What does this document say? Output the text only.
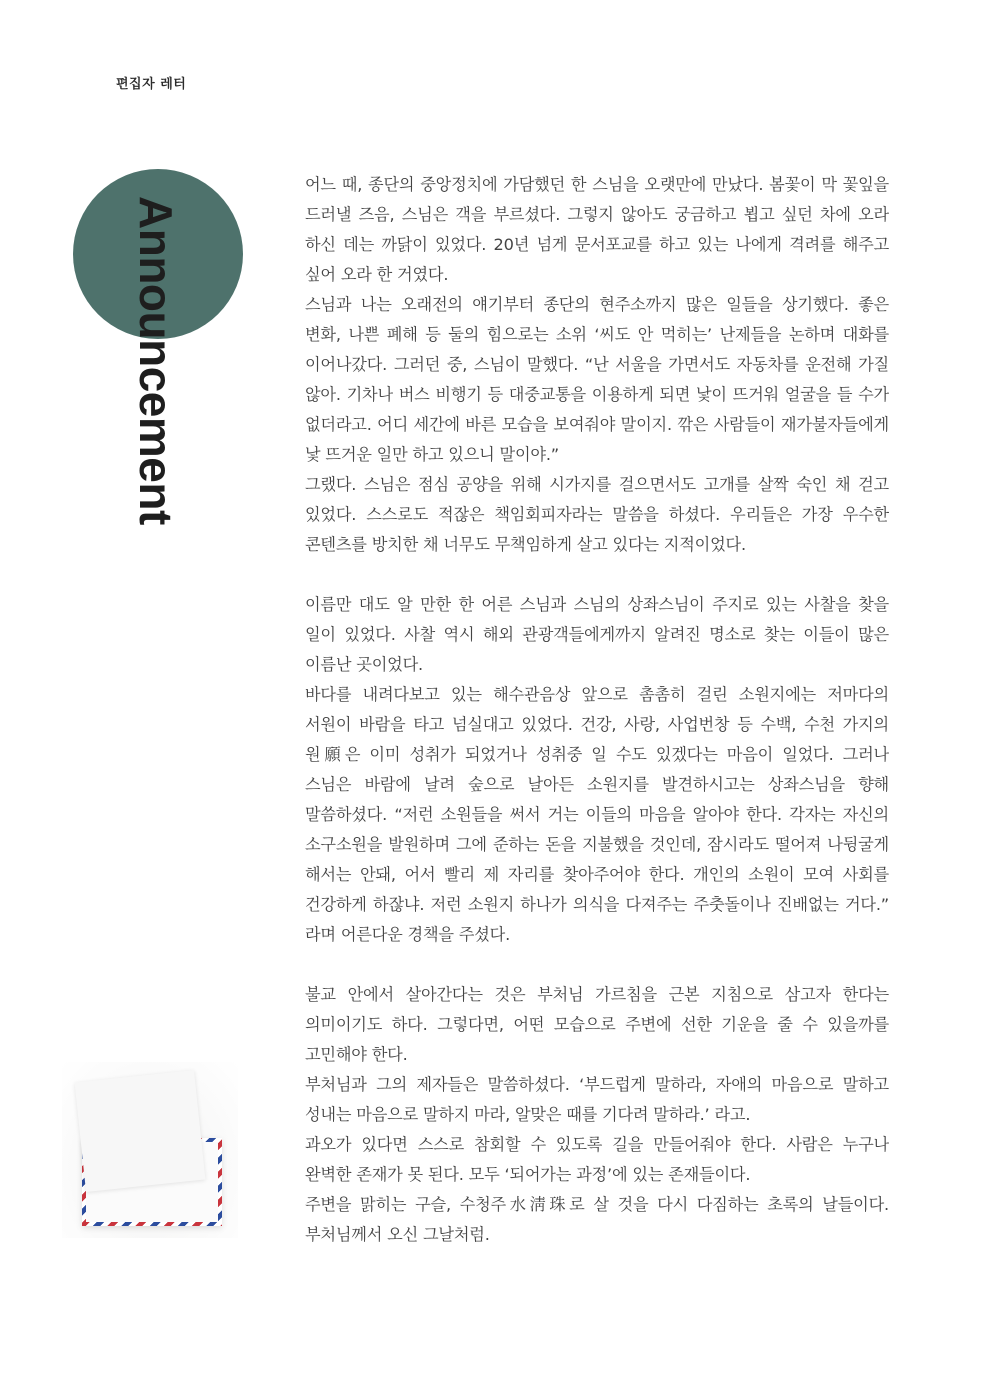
편집자 레터
Announcement

어느 때, 종단의 중앙정치에 가담했던 한 스님을 오랫만에 만났다. 봄꽃이 막 꽃잎을 드러낼 즈음, 스님은 객을 부르셨다. 그렇지 않아도 궁금하고 뵙고 싶던 차에 오라 하신 데는 까닭이 있었다. 20년 넘게 문서포교를 하고 있는 나에게 격려를 해주고 싶어 오라 한 거였다.

스님과 나는 오래전의 얘기부터 종단의 현주소까지 많은 일들을 상기했다. 좋은 변화, 나쁜 폐해 등 둘의 힘으로는 소위 ‘씨도 안 먹히는’ 난제들을 논하며 대화를 이어나갔다. 그러던 중, 스님이 말했다. “난 서울을 가면서도 자동차를 운전해 가질 않아. 기차나 버스 비행기 등 대중교통을 이용하게 되면 낯이 뜨거워 얼굴을 들 수가 없더라고. 어디 세간에 바른 모습을 보여줘야 말이지. 깎은 사람들이 재가불자들에게 낯 뜨거운 일만 하고 있으니 말이야.”

그랬다. 스님은 점심 공양을 위해 시가지를 걸으면서도 고개를 살짝 숙인 채 걷고 있었다. 스스로도 적잖은 책임회피자라는 말씀을 하셨다. 우리들은 가장 우수한 콘텐츠를 방치한 채 너무도 무책임하게 살고 있다는 지적이었다.

이름만 대도 알 만한 한 어른 스님과 스님의 상좌스님이 주지로 있는 사찰을 찾을 일이 있었다. 사찰 역시 해외 관광객들에게까지 알려진 명소로 찾는 이들이 많은 이름난 곳이었다.

바다를 내려다보고 있는 해수관음상 앞으로 촘촘히 걸린 소원지에는 저마다의 서원이 바람을 타고 넘실대고 있었다. 건강, 사랑, 사업번창 등 수백, 수천 가지의 원願은 이미 성취가 되었거나 성취중 일 수도 있겠다는 마음이 일었다. 그러나 스님은 바람에 날려 숲으로 날아든 소원지를 발견하시고는 상좌스님을 향해 말씀하셨다. “저런 소원들을 써서 거는 이들의 마음을 알아야 한다. 각자는 자신의 소구소원을 발원하며 그에 준하는 돈을 지불했을 것인데, 잠시라도 떨어져 나뒹굴게 해서는 안돼, 어서 빨리 제 자리를 찾아주어야 한다. 개인의 소원이 모여 사회를 건강하게 하잖냐. 저런 소원지 하나가 의식을 다져주는 주춧돌이나 진배없는 거다.” 라며 어른다운 경책을 주셨다.

불교 안에서 살아간다는 것은 부처님 가르침을 근본 지침으로 삼고자 한다는 의미이기도 하다. 그렇다면, 어떤 모습으로 주변에 선한 기운을 줄 수 있을까를 고민해야 한다.

부처님과 그의 제자들은 말씀하셨다. ‘부드럽게 말하라, 자애의 마음으로 말하고 성내는 마음으로 말하지 마라, 알맞은 때를 기다려 말하라.’ 라고.

과오가 있다면 스스로 참회할 수 있도록 길을 만들어줘야 한다. 사람은 누구나 완벽한 존재가 못 된다. 모두 ‘되어가는 과정’에 있는 존재들이다.

주변을 맑히는 구슬, 수청주水淸珠로 살 것을 다시 다짐하는 초록의 날들이다. 부처님께서 오신 그날처럼.
